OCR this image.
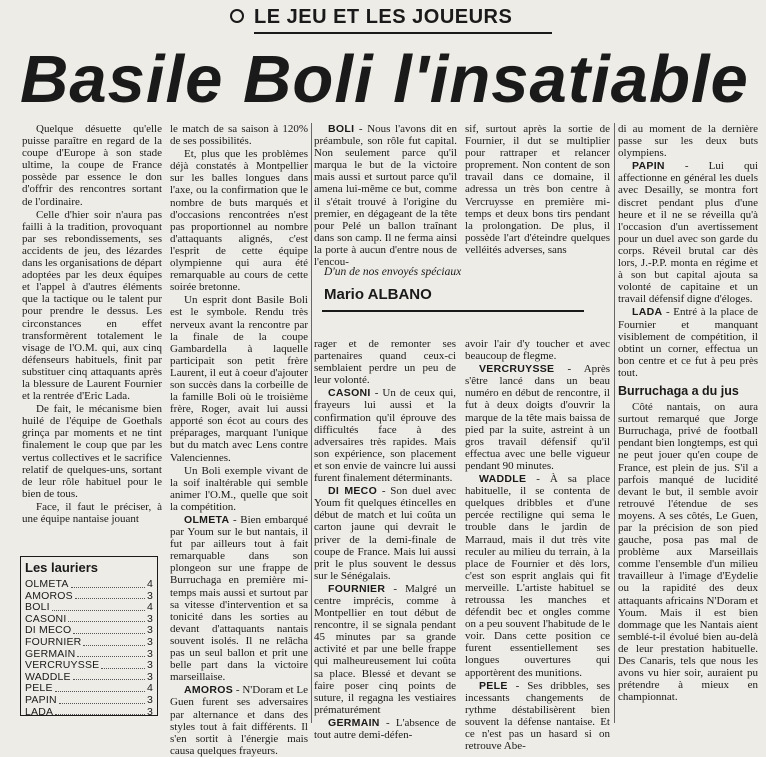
LE JEU ET LES JOUEURS
Basile Boli l'insatiable

Quelque désuette qu'elle puisse paraître en regard de la coupe d'Europe à son stade ultime, la coupe de France possède par essence le don d'offrir des rencontres sortant de l'ordinaire.

Celle d'hier soir n'aura pas failli à la tradition, provoquant par ses rebondissements, ses accidents de jeu, des lézardes dans les organisations de départ adoptées par les deux équipes et l'appel à d'autres éléments que la tactique ou le talent pur pour prendre le dessus. Les circonstances en effet transformèrent totalement le visage de l'O.M. qui, aux cinq défenseurs habituels, finit par substituer cinq attaquants après la blessure de Laurent Fournier et la rentrée d'Eric Lada.

De fait, le mécanisme bien huilé de l'équipe de Goethals grinça par moments et ne tint finalement le coup que par les vertus collectives et le sacrifice relatif de quelques-uns, sortant de leur rôle habituel pour le bien de tous.

Face, il faut le préciser, à une équipe nantaise jouant

Les lauriers
OLMETA	4
AMOROS	3
BOLI	4
CASONI	3
DI MECO	3
FOURNIER	3
GERMAIN	3
VERCRUYSSE	3
WADDLE	3
PELE	4
PAPIN	3
LADA	3

le match de sa saison à 120% de ses possibilités.

Et, plus que les problèmes déjà constatés à Montpellier sur les balles longues dans l'axe, ou la confirmation que le nombre de buts marqués et d'occasions rencontrées n'est pas proportionnel au nombre d'attaquants alignés, c'est l'esprit de cette équipe olympienne qui aura été remarquable au cours de cette soirée bretonne.

Un esprit dont Basile Boli est le symbole. Rendu très nerveux avant la rencontre par la finale de la coupe Gambardella à laquelle participait son petit frère Laurent, il eut à coeur d'ajouter son succès dans la corbeille de la famille Boli où le troisième frère, Roger, avait lui aussi apporté son écot au cours des préparages, marquant l'unique but du match avec Lens contre Valenciennes.

Un Boli exemple vivant de la soif inaltérable qui semble animer l'O.M., quelle que soit la compétition.

OLMETA - Bien embarqué par Youm sur le but nantais, il fut par ailleurs tout à fait remarquable dans son plongeon sur une frappe de Burruchaga en première mi-temps mais aussi et surtout par sa vitesse d'intervention et sa tonicité dans les sorties au devant d'attaquants nantais souvent isolés. Il ne relâcha pas un seul ballon et prit une belle part dans la victoire marseillaise.

AMOROS - N'Doram et Le Guen furent ses adversaires par alternance et dans des styles tout à fait différents. Il s'en sortit à l'énergie mais causa quelques frayeurs.

BOLI - Nous l'avons dit en préambule, son rôle fut capital. Non seulement parce qu'il marqua le but de la victoire mais aussi et surtout parce qu'il amena lui-même ce but, comme il s'était trouvé à l'origine du premier, en dégageant de la tête pour Pelé un ballon traînant dans son camp. Il ne ferma ainsi la porte à aucun d'entre nous de l'encou-

sif, surtout après la sortie de Fournier, il dut se multiplier pour rattraper et relancer proprement. Non content de son travail dans ce domaine, il adressa un très bon centre à Vercruysse en première mi-temps et deux bons tirs pendant la prolongation. De plus, il possède l'art d'éteindre quelques velléités adverses, sans

D'un de nos envoyés spéciaux
Mario ALBANO

rager et de remonter ses partenaires quand ceux-ci semblaient perdre un peu de leur volonté.

CASONI - Un de ceux qui, frayeurs lui aussi et la confirmation qu'il éprouve des difficultés face à des adversaires très rapides. Mais son expérience, son placement et son envie de vaincre lui aussi furent finalement déterminants.

DI MECO - Son duel avec Youm fit quelques étincelles en début de match et lui coûta un carton jaune qui devrait le priver de la demi-finale de coupe de France. Mais lui aussi prit le plus souvent le dessus sur le Sénégalais.

FOURNIER - Malgré un centre imprécis, comme à Montpellier en tout début de rencontre, il se signala pendant 45 minutes par sa grande activité et par une belle frappe qui malheureusement lui coûta sa place. Blessé et devant se faire poser cinq points de suture, il regagna les vestiaires prématurément

GERMAIN - L'absence de tout autre demi-défen-

avoir l'air d'y toucher et avec beaucoup de flegme.

VERCRUYSSE - Après s'être lancé dans un beau numéro en début de rencontre, il fut à deux doigts d'ouvrir la marque de la tête mais baissa de pied par la suite, astreint à un gros travail défensif qu'il effectua avec une belle vigueur pendant 90 minutes.

WADDLE - À sa place habituelle, il se contenta de quelques dribbles et d'une percée rectiligne qui sema le trouble dans le jardin de Marraud, mais il dut très vite reculer au milieu du terrain, à la place de Fournier et dès lors, c'est son esprit anglais qui fit merveille. L'artiste habituel se retroussa les manches et défendit bec et ongles comme on a peu souvent l'habitude de le voir. Dans cette position ce furent essentiellement ses longues ouvertures qui apportèrent des munitions.

PELE - Ses dribbles, ses incessants changements de rythme déstabilisèrent bien souvent la défense nantaise. Et ce n'est pas un hasard si on retrouve Abe-

di au moment de la dernière passe sur les deux buts olympiens.

PAPIN - Lui qui affectionne en général les duels avec Desailly, se montra fort discret pendant plus d'une heure et il ne se réveilla qu'à l'occasion d'un avertissement pour un duel avec son garde du corps. Réveil brutal car dès lors, J.-P.P. monta en régime et à son but capital ajouta sa volonté de capitaine et un travail défensif digne d'éloges.

LADA - Entré à la place de Fournier et manquant visiblement de compétition, il obtint un corner, effectua un bon centre et ce fut à peu près tout.

Burruchaga a du jus

Côté nantais, on aura surtout remarqué que Jorge Burruchaga, privé de football pendant bien longtemps, est qui ne peut jouer qu'en coupe de France, est plein de jus. S'il a parfois manqué de lucidité devant le but, il semble avoir retrouvé l'étendue de ses moyens. A ses côtés, Le Guen, par la précision de son pied gauche, posa pas mal de problème aux Marseillais comme l'ensemble d'un milieu travailleur à l'image d'Eydelie ou la rapidité des deux attaquants africains N'Doram et Youm. Mais il est bien dommage que les Nantais aient semblé-t-il évolué bien au-delà de leur prestation habituelle. Des Canaris, tels que nous les avons vu hier soir, auraient pu prétendre à mieux en championnat.
